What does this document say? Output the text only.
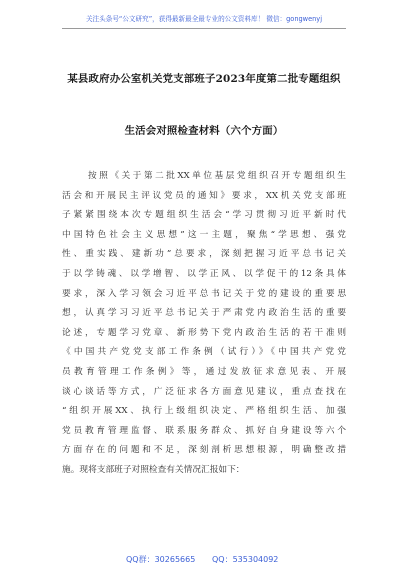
关注头条号“公文研究”，获得最新最全最专业的公文资料库！ 微信：gongwenyj
某县政府办公室机关党支部班子2023年度第二批专题组织
生活会对照检查材料（六个方面）
按照《关于第二批XX单位基层党组织召开专题组织生
活会和开展民主评议党员的通知》要求，XX机关党支部班
子紧紧围绕本次专题组织生活会“学习贯彻习近平新时代
中国特色社会主义思想”这一主题，聚焦“学思想、强党
性、重实践、建新功”总要求，深刻把握习近平总书记关
于以学铸魂、以学增智、以学正风、以学促干的12条具体
要求，深入学习领会习近平总书记关于党的建设的重要思
想，认真学习习近平总书记关于严肃党内政治生活的重要
论述，专题学习党章、新形势下党内政治生活的若干准则
《中国共产党党支部工作条例（试行）》《中国共产党党
员教育管理工作条例》等，通过发放征求意见表、开展
谈心谈话等方式，广泛征求各方面意见建议，重点查找在
“组织开展XX、执行上级组织决定、严格组织生活、加强
党员教育管理监督、联系服务群众、抓好自身建设等六个
方面存在的问题和不足，深刻剖析思想根源，明确整改措
施。现将支部班子对照检查有关情况汇报如下：
QQ群：30265665 QQ：535304092
